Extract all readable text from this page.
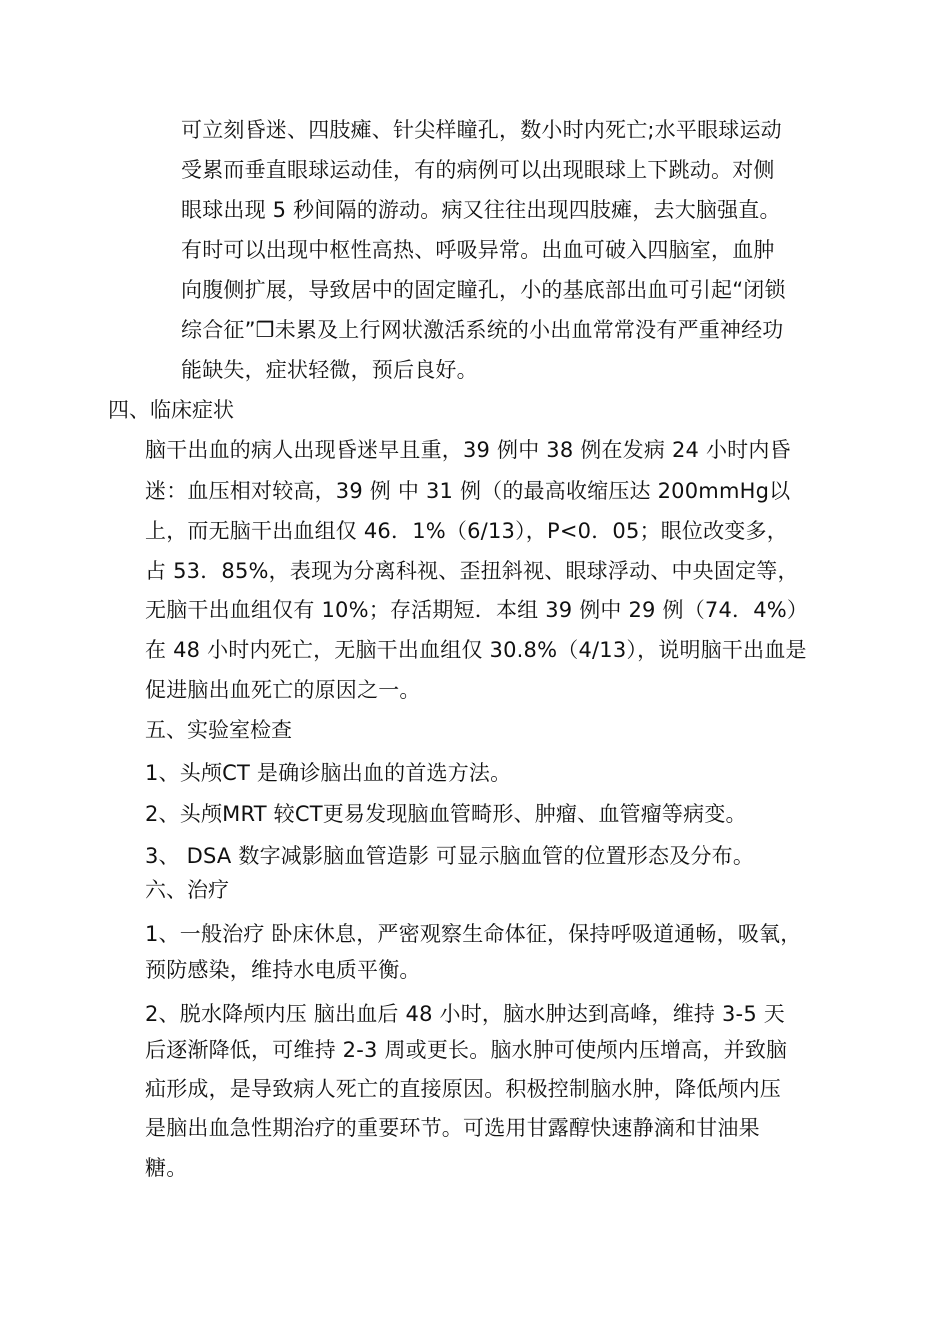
可立刻昏迷、四肢瘫、针尖样瞳孔，数小时内死亡;水平眼球运动
受累而垂直眼球运动佳，有的病例可以出现眼球上下跳动。对侧
眼球出现 5 秒间隔的游动。病又往往出现四肢瘫，去大脑强直。
有时可以出现中枢性高热、呼吸异常。出血可破入四脑室，血肿
向腹侧扩展，导致居中的固定瞳孔，小的基底部出血可引起“闭锁
综合征”❒未累及上行网状激活系统的小出血常常没有严重神经功
能缺失，症状轻微，预后良好。
四、临床症状
脑干出血的病人出现昏迷早且重，39 例中 38 例在发病 24 小时内昏
迷：血压相对较高，39 例 中 31 例（的最高收缩压达 200mmHg以
上，而无脑干出血组仅 46．1%（6/13），P<0．05；眼位改变多，
占 53．85%，表现为分离科视、歪扭斜视、眼球浮动、中央固定等，
无脑干出血组仅有 10%；存活期短．本组 39 例中 29 例（74．4%）
在 48 小时内死亡，无脑干出血组仅 30.8%（4/13），说明脑干出血是
促进脑出血死亡的原因之一。
五、实验室检查
1、头颅CT 是确诊脑出血的首选方法。
2、头颅MRT 较CT更易发现脑血管畸形、肿瘤、血管瘤等病变。
3、 DSA 数字减影脑血管造影 可显示脑血管的位置形态及分布。
六、治疗
1、一般治疗 卧床休息，严密观察生命体征，保持呼吸道通畅，吸氧，
预防感染，维持水电质平衡。
2、脱水降颅内压 脑出血后 48 小时，脑水肿达到高峰，维持 3-5 天
后逐渐降低，可维持 2-3 周或更长。脑水肿可使颅内压增高，并致脑
疝形成，是导致病人死亡的直接原因。积极控制脑水肿，降低颅内压
是脑出血急性期治疗的重要环节。可选用甘露醇快速静滴和甘油果
糖。
